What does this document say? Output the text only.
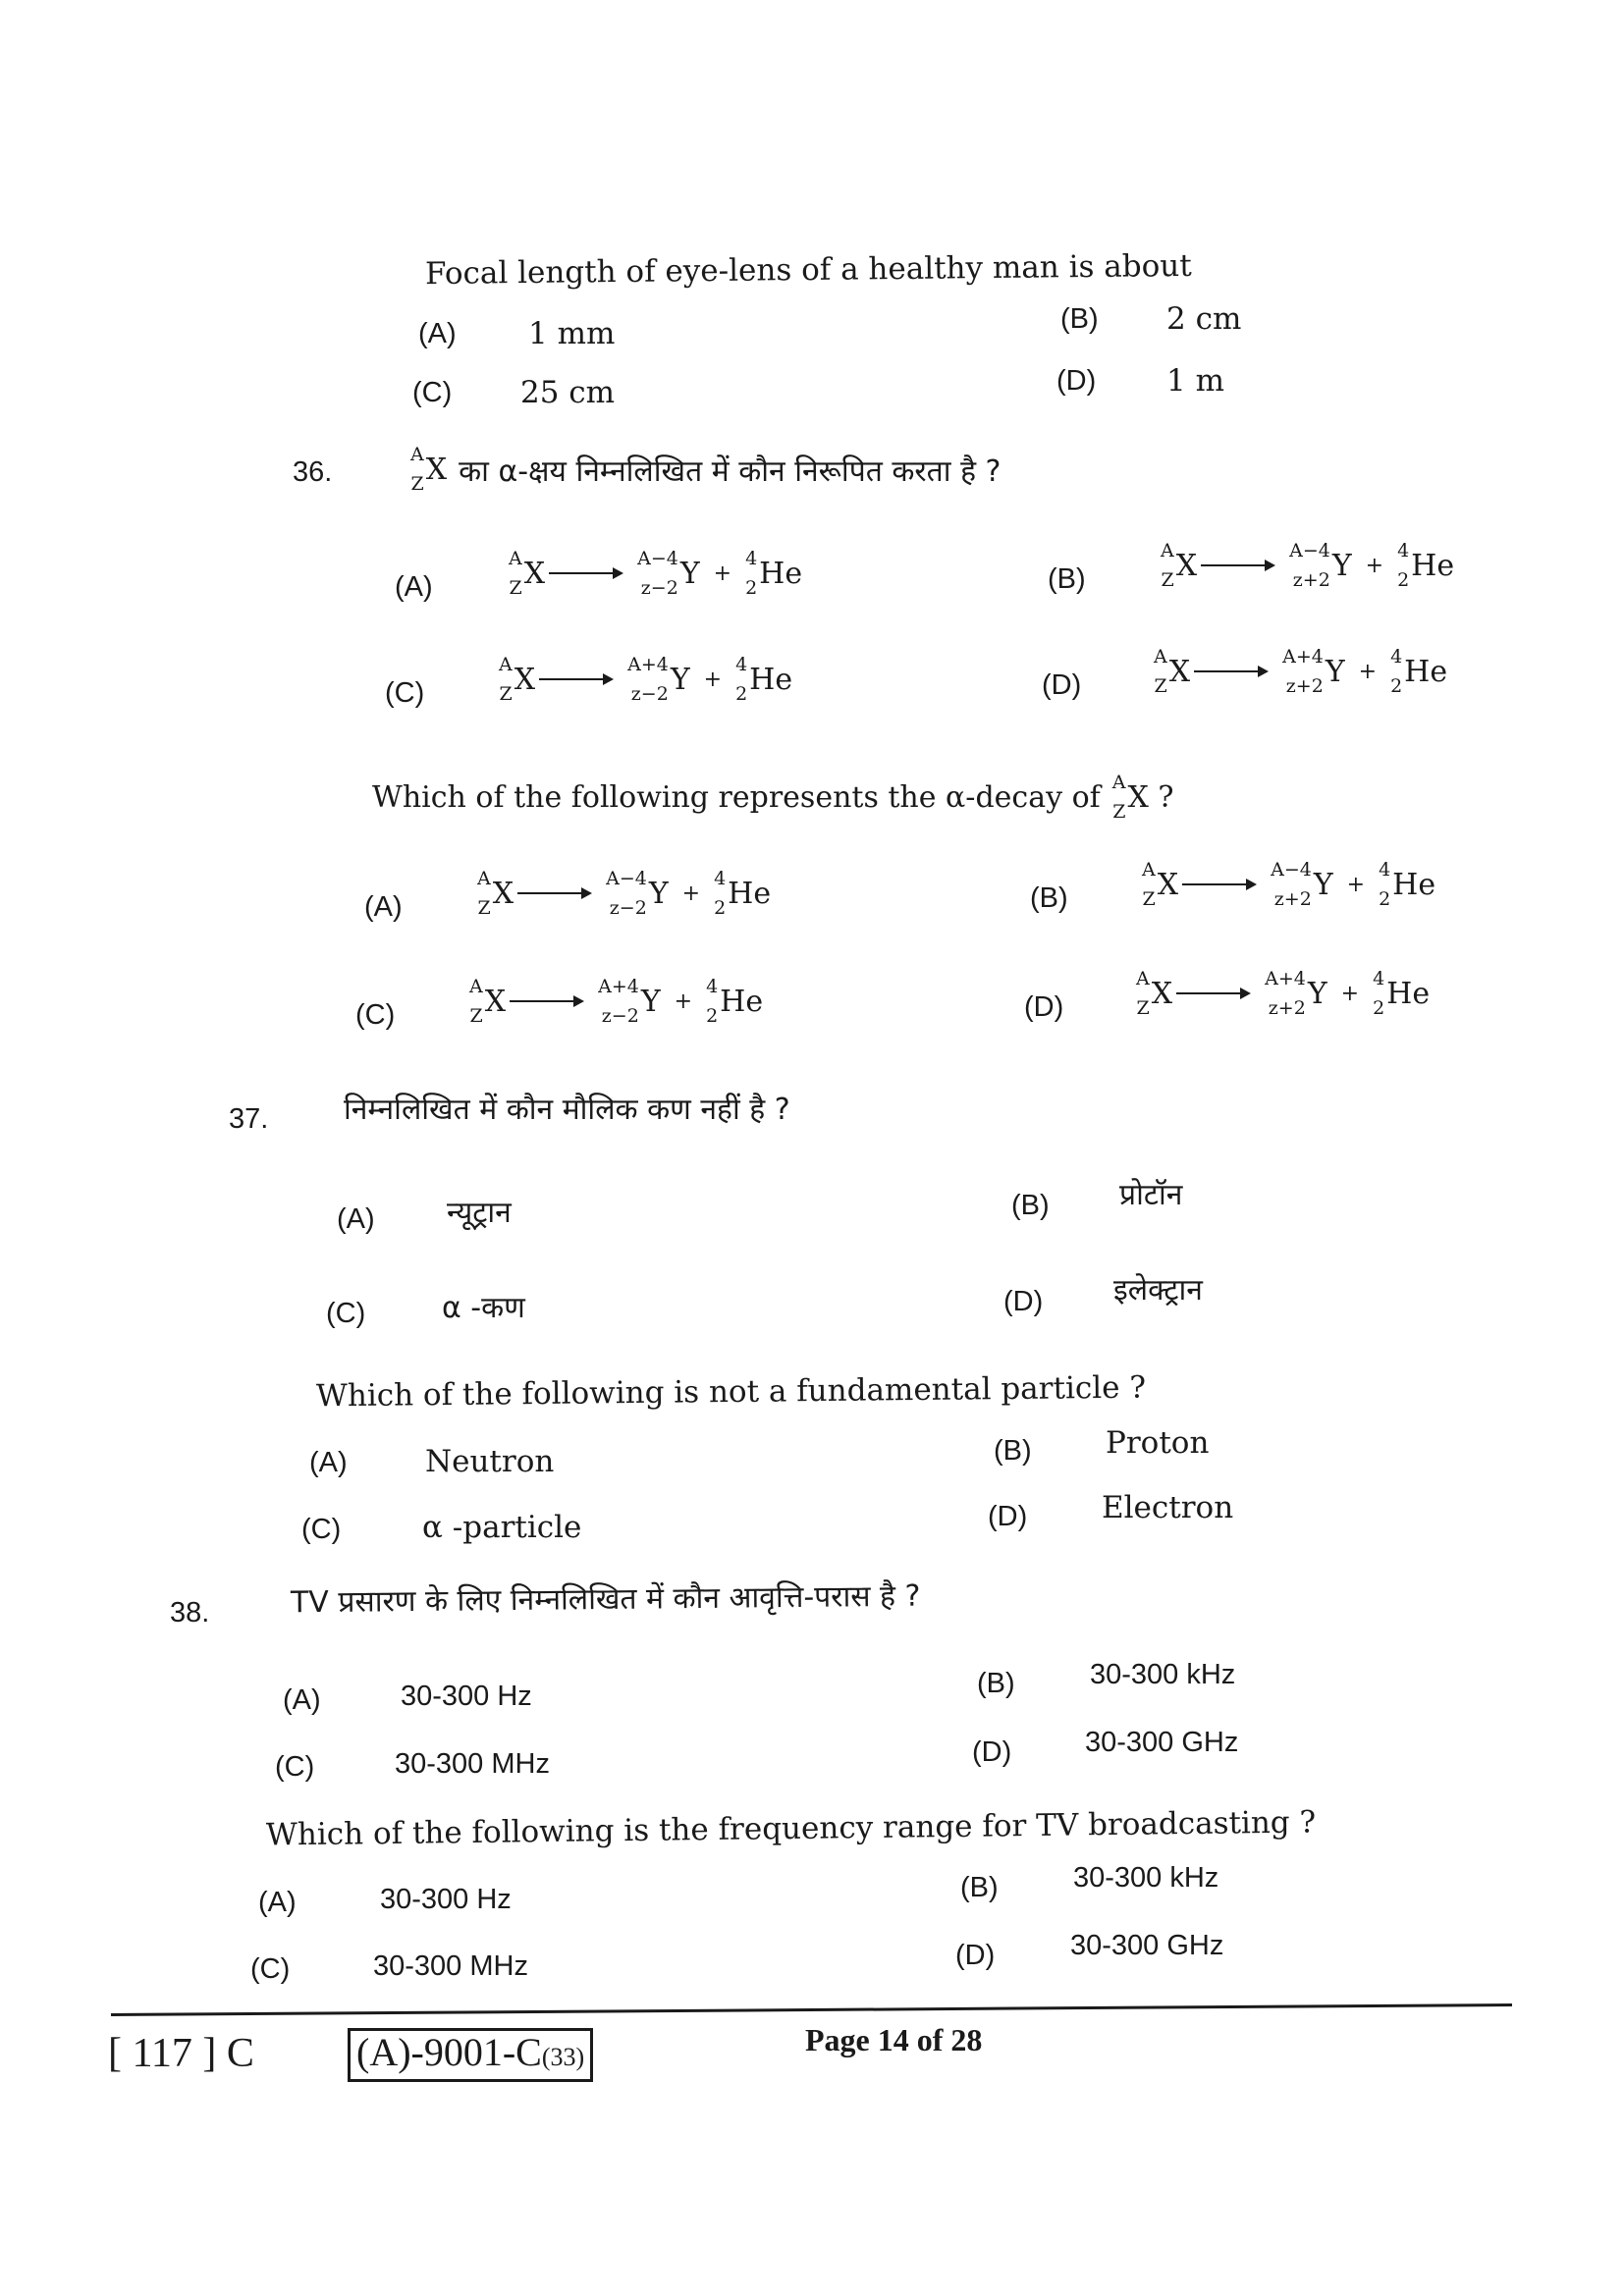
Focal length of eye-lens of a healthy man is about
(A) 1 mm	(B) 2 cm
(C) 25 cm	(D) 1 m
36.
A
Z X का α-क्षय निम्नलिखित में कौन निरूपित करता है ?
(A)
A
Z X	A−4
z−2 Y +
4
2 He	(B)
A
Z X	A−4
z+2 Y +
4
2 He
(C)
A
Z X	A+4
z−2 Y +
4
2 He	(D)
A
Z X	A+4
z+2 Y +
4
2 He
Which of the following represents the α-decay of A
Z X ?
(A)
A
Z X	A−4
z−2 Y +
4
2 He	(B)
A
Z X	A−4
z+2 Y +
4
2 He
(C)
A
Z X	A+4
z−2 Y +
4
2 He	(D)
A
Z X	A+4
z+2 Y +
4
2 He
37.	निम्नलिखित में कौन मौलिक कण नहीं है ?
(A) न्यूट्रान	(B) प्रोटॉन
(C)	α -कण	(D) इलेक्ट्रान
Which of the following is not a fundamental particle ?
(A)	Neutron	(B) Proton
(C)	α -particle	(D) Electron
38.	TV प्रसारण के लिए निम्नलिखित में कौन आवृत्ति-परास है ?
(A)	30-300 Hz	(B)	30-300 kHz
(C)	30-300 MHz	(D)	30-300 GHz
Which of the following is the frequency range for TV broadcasting ?
(A)	30-300 Hz	(B)	30-300 kHz
(C)	30-300 MHz	(D)	30-300 GHz
[ 117 ] C	(A)-9001-C(33)	Page 14 of 28
